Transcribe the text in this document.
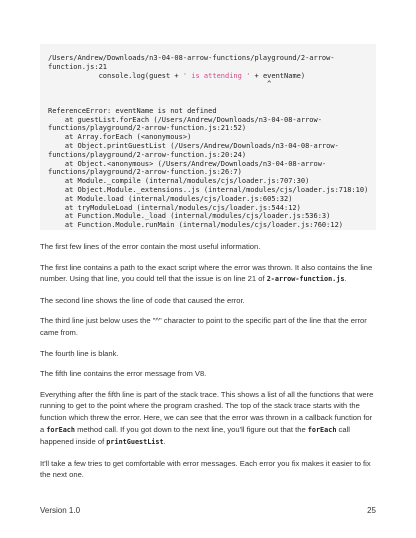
/Users/Andrew/Downloads/n3-04-08-arrow-functions/playground/2-arrow-
function.js:21
console.log(guest + ' is attending ' + eventName)
^
ReferenceError: eventName is not defined
at guestList.forEach (/Users/Andrew/Downloads/n3-04-08-arrow-
functions/playground/2-arrow-function.js:21:52)
at Array.forEach (<anonymous>)
at Object.printGuestList (/Users/Andrew/Downloads/n3-04-08-arrow-
functions/playground/2-arrow-function.js:20:24)
at Object.<anonymous> (/Users/Andrew/Downloads/n3-04-08-arrow-
functions/playground/2-arrow-function.js:26:7)
at Module._compile (internal/modules/cjs/loader.js:707:30)
at Object.Module._extensions..js (internal/modules/cjs/loader.js:718:10)
at Module.load (internal/modules/cjs/loader.js:605:32)
at tryModuleLoad (internal/modules/cjs/loader.js:544:12)
at Function.Module._load (internal/modules/cjs/loader.js:536:3)
at Function.Module.runMain (internal/modules/cjs/loader.js:760:12)

The first few lines of the error contain the most useful information.

The first line contains a path to the exact script where the error was thrown. It also contains the line number. Using that line, you could tell that the issue is on line 21 of 2-arrow-function.js.

The second line shows the line of code that caused the error.

The third line just below uses the "^" character to point to the specific part of the line that the error came from.

The fourth line is blank.

The fifth line contains the error message from V8.

Everything after the fifth line is part of the stack trace. This shows a list of all the functions that were running to get to the point where the program crashed. The top of the stack trace starts with the function which threw the error. Here, we can see that the error was thrown in a callback function for a forEach method call. If you got down to the next line, you'll figure out that the forEach call happened inside of printGuestList.

It'll take a few tries to get comfortable with error messages. Each error you fix makes it easier to fix the next one.

Version 1.0	25
